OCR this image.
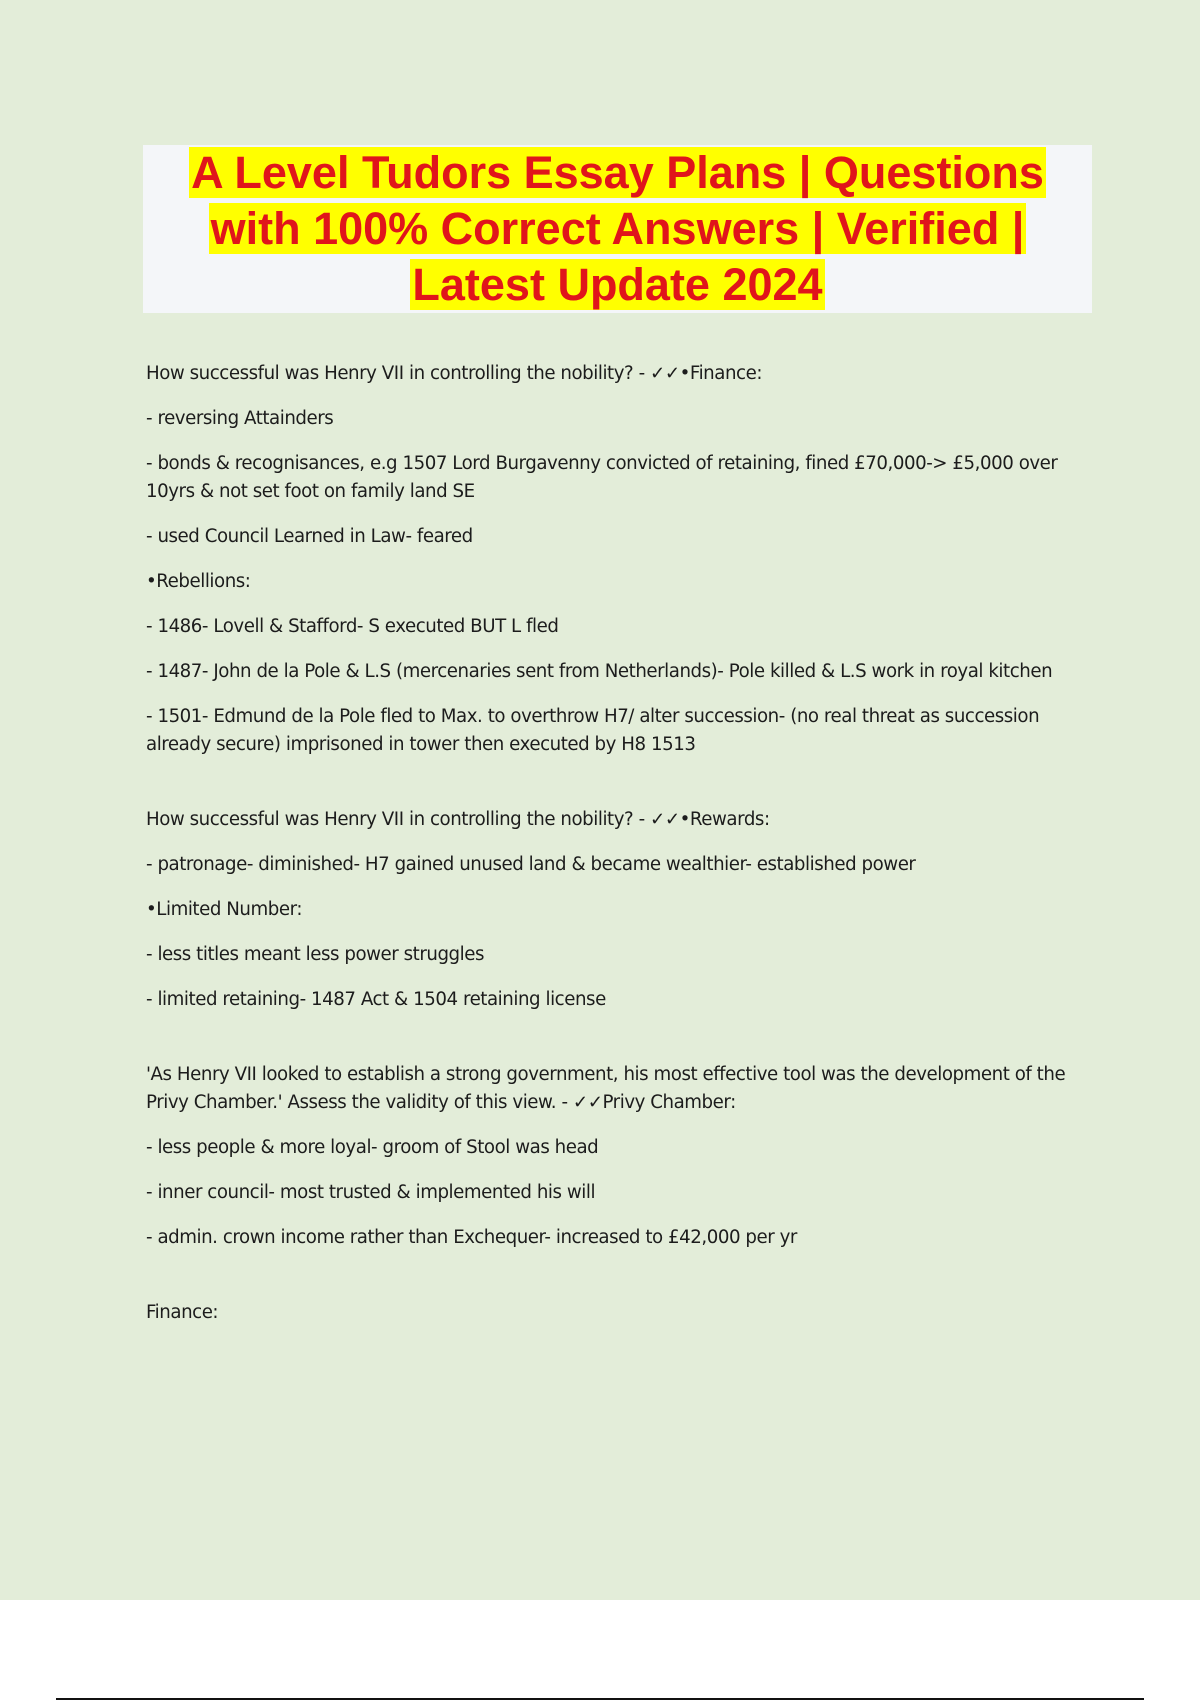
A Level Tudors Essay Plans | Questions
with 100% Correct Answers | Verified |
Latest Update 2024

How successful was Henry VII in controlling the nobility? - ✓✓•Finance:

- reversing Attainders

- bonds & recognisances, e.g 1507 Lord Burgavenny convicted of retaining, fined £70,000-> £5,000 over 10yrs & not set foot on family land SE

- used Council Learned in Law- feared

•Rebellions:

- 1486- Lovell & Stafford- S executed BUT L fled

- 1487- John de la Pole & L.S (mercenaries sent from Netherlands)- Pole killed & L.S work in royal kitchen

- 1501- Edmund de la Pole fled to Max. to overthrow H7/ alter succession- (no real threat as succession already secure) imprisoned in tower then executed by H8 1513

How successful was Henry VII in controlling the nobility? - ✓✓•Rewards:

- patronage- diminished- H7 gained unused land & became wealthier- established power

•Limited Number:

- less titles meant less power struggles

- limited retaining- 1487 Act & 1504 retaining license

'As Henry VII looked to establish a strong government, his most effective tool was the development of the Privy Chamber.' Assess the validity of this view. - ✓✓Privy Chamber:

- less people & more loyal- groom of Stool was head

- inner council- most trusted & implemented his will

- admin. crown income rather than Exchequer- increased to £42,000 per yr

Finance:
